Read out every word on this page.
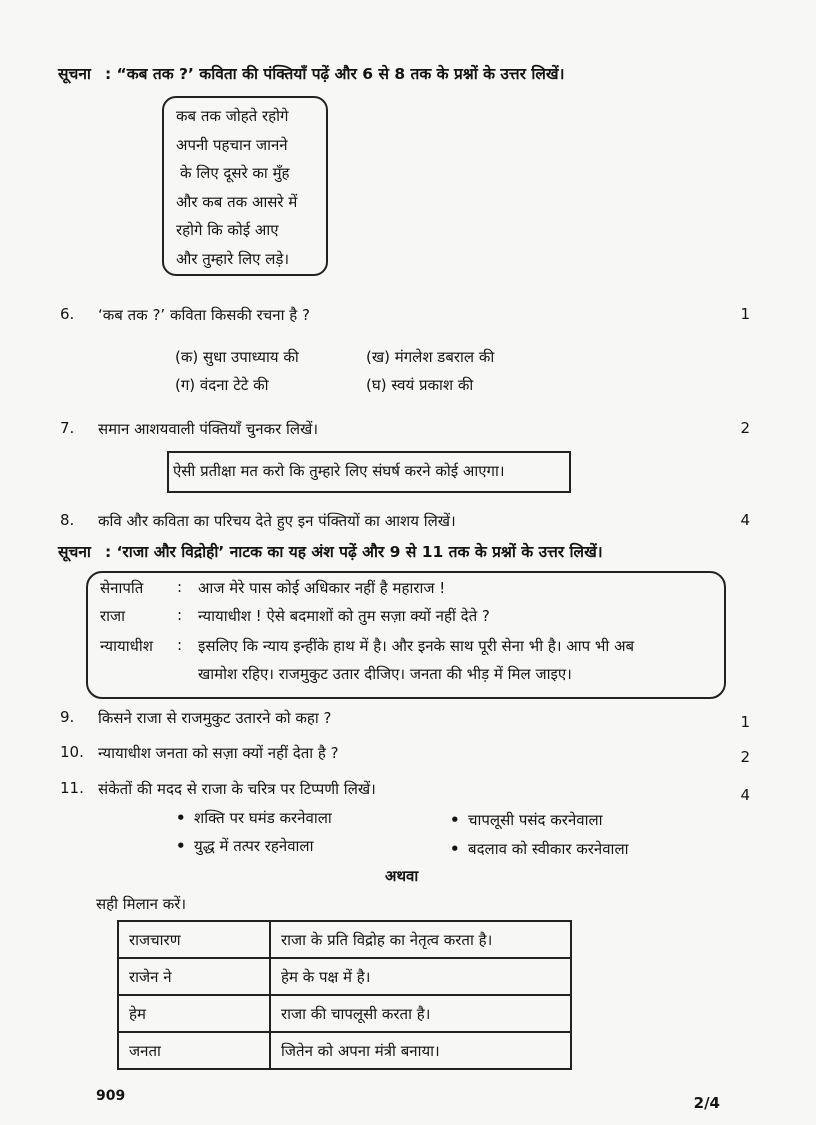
सूचना : “कब तक ?’ कविता की पंक्तियाँ पढ़ें और 6 से 8 तक के प्रश्नों के उत्तर लिखें।
कब तक जोहते रहोगे
अपनी पहचान जानने
के लिए दूसरे का मुँह
और कब तक आसरे में
रहोगे कि कोई आए
और तुम्हारे लिए लड़े।
6. ‘कब तक ?’ कविता किसकी रचना है ?	1
(क) सुधा उपाध्याय की	(ख) मंगलेश डबराल की
(ग) वंदना टेटे की	(घ) स्वयं प्रकाश की
7. समान आशयवाली पंक्तियाँ चुनकर लिखें।	2
ऐसी प्रतीक्षा मत करो कि तुम्हारे लिए संघर्ष करने कोई आएगा।
8. कवि और कविता का परिचय देते हुए इन पंक्तियों का आशय लिखें।	4
सूचना : ‘राजा और विद्रोही’ नाटक का यह अंश पढ़ें और 9 से 11 तक के प्रश्नों के उत्तर लिखें।
सेनापति : आज मेरे पास कोई अधिकार नहीं है महाराज !
राजा	: न्यायाधीश ! ऐसे बदमाशों को तुम सज़ा क्यों नहीं देते ?
न्यायाधीश : इसलिए कि न्याय इन्हींके हाथ में है। और इनके साथ पूरी सेना भी है। आप भी अब
खामोश रहिए। राजमुकुट उतार दीजिए। जनता की भीड़ में मिल जाइए।
9. किसने राजा से राजमुकुट उतारने को कहा ?	1
10. न्यायाधीश जनता को सज़ा क्यों नहीं देता है ?	2
11. संकेतों की मदद से राजा के चरित्र पर टिप्पणी लिखें।	4
• शक्ति पर घमंड करनेवाला	• चापलूसी पसंद करनेवाला
• युद्ध में तत्पर रहनेवाला	• बदलाव को स्वीकार करनेवाला
अथवा
सही मिलान करें।
राजचारण	राजा के प्रति विद्रोह का नेतृत्व करता है।
राजेन ने	हेम के पक्ष में है।
हेम	राजा की चापलूसी करता है।
जनता	जितेन को अपना मंत्री बनाया।
909	2/4
